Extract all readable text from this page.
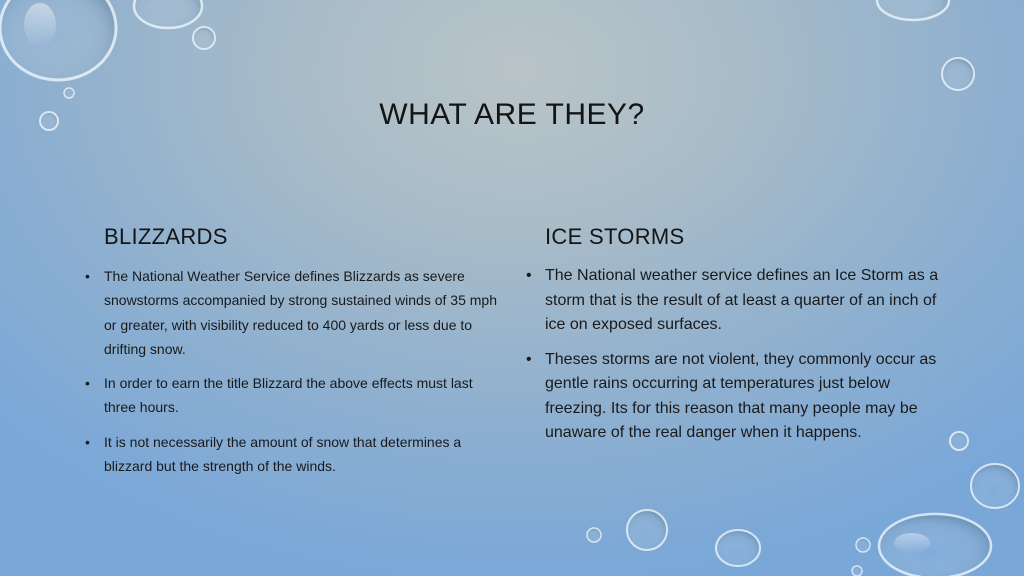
WHAT ARE THEY?
BLIZZARDS
• The National Weather Service defines Blizzards as severe snowstorms accompanied by strong sustained winds of 35 mph or greater, with visibility reduced to 400 yards or less due to drifting snow.
• In order to earn the title Blizzard the above effects must last three hours.
• It is not necessarily the amount of snow that determines a blizzard but the strength of the winds.
ICE STORMS
• The National weather service defines an Ice Storm as a storm that is the result of at least a quarter of an inch of ice on exposed surfaces.
• Theses storms are not violent, they commonly occur as gentle rains occurring at temperatures just below freezing. Its for this reason that many people may be unaware of the real danger when it happens.
